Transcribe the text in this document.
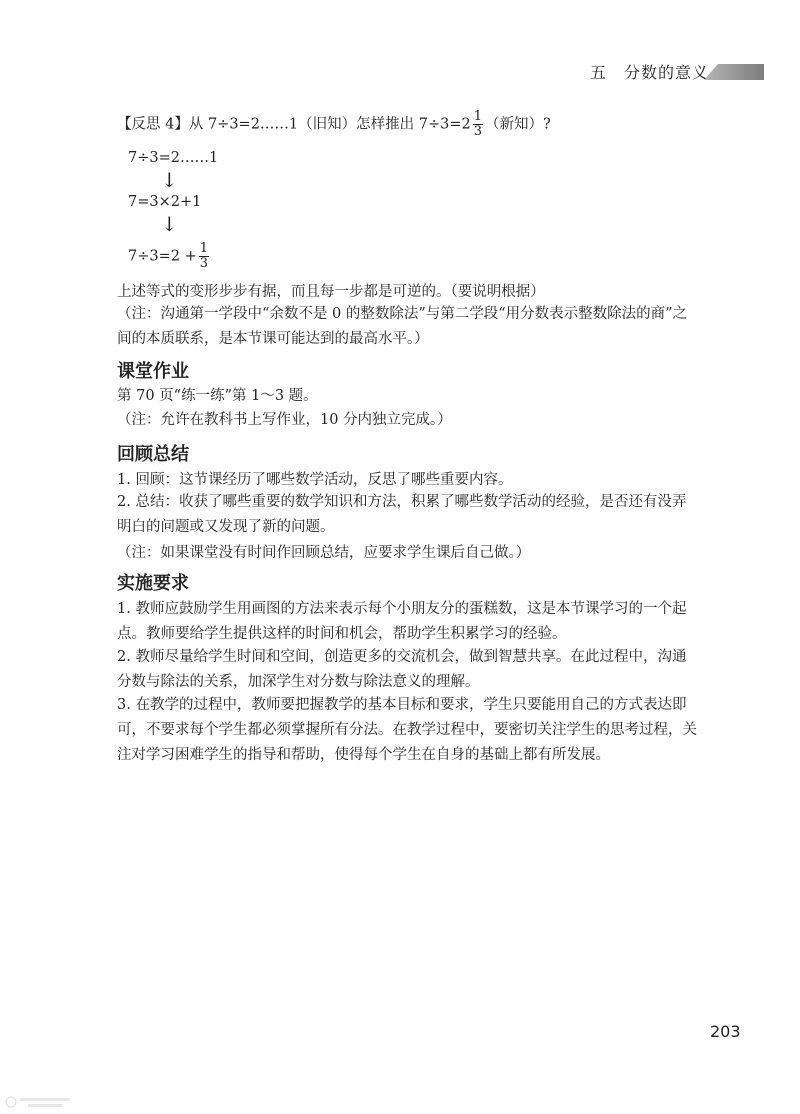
五　分数的意义
【反思 4】从 7÷3=2……1（旧知）怎样推出 $7\div 3=2 \frac{1}{3}$ （新知）?
7÷3=2……1
↓
7=3×2+1
↓
$7\div 3=2 + \frac{1}{3}$
上述等式的变形步步有据，而且每一步都是可逆的。（要说明根据）
（注：沟通第一学段中“余数不是 0 的整数除法”与第二学段“用分数表示整数除法的商”之间的本质联系，是本节课可能达到的最高水平。）
课堂作业
第 70 页“练一练”第 1～3 题。
（注：允许在教科书上写作业，10 分内独立完成。）
回顾总结
1. 回顾：这节课经历了哪些数学活动，反思了哪些重要内容。
2. 总结：收获了哪些重要的数学知识和方法，积累了哪些数学活动的经验，是否还有没弄明白的问题或又发现了新的问题。
（注：如果课堂没有时间作回顾总结，应要求学生课后自己做。）
实施要求
1. 教师应鼓励学生用画图的方法来表示每个小朋友分的蛋糕数，这是本节课学习的一个起点。教师要给学生提供这样的时间和机会，帮助学生积累学习的经验。
2. 教师尽量给学生时间和空间，创造更多的交流机会，做到智慧共享。在此过程中，沟通分数与除法的关系，加深学生对分数与除法意义的理解。
3. 在教学的过程中，教师要把握教学的基本目标和要求，学生只要能用自己的方式表达即可，不要求每个学生都必须掌握所有分法。在教学过程中，要密切关注学生的思考过程，关注对学习困难学生的指导和帮助，使得每个学生在自身的基础上都有所发展。
203
